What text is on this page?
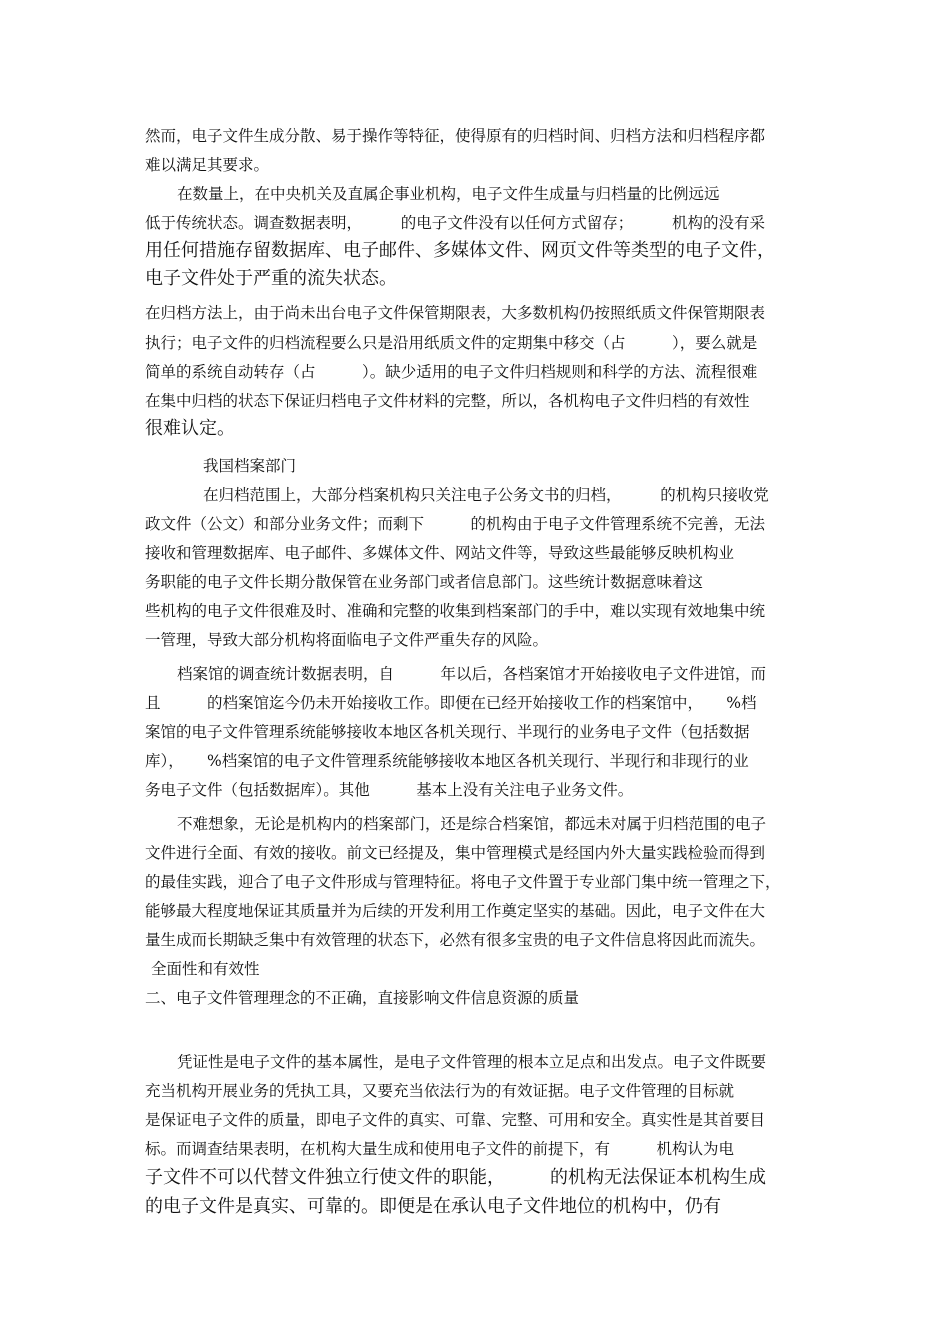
然而，电子文件生成分散、易于操作等特征，使得原有的归档时间、归档方法和归档程序都
难以满足其要求。
在数量上，在中央机关及直属企事业机构，电子文件生成量与归档量的比例远远
低于传统状态。调查数据表明，　　　的电子文件没有以任何方式留存；　　　机构的没有采
用任何措施存留数据库、电子邮件、多媒体文件、网页文件等类型的电子文件，
电子文件处于严重的流失状态。
在归档方法上，由于尚未出台电子文件保管期限表，大多数机构仍按照纸质文件保管期限表
执行；电子文件的归档流程要么只是沿用纸质文件的定期集中移交（占　　　），要么就是
简单的系统自动转存（占　　　）。缺少适用的电子文件归档规则和科学的方法、流程很难
在集中归档的状态下保证归档电子文件材料的完整，所以，各机构电子文件归档的有效性
很难认定。
我国档案部门
在归档范围上，大部分档案机构只关注电子公务文书的归档，　　　的机构只接收党
政文件（公文）和部分业务文件；而剩下　　　的机构由于电子文件管理系统不完善，无法
接收和管理数据库、电子邮件、多媒体文件、网站文件等，导致这些最能够反映机构业
务职能的电子文件长期分散保管在业务部门或者信息部门。这些统计数据意味着这
些机构的电子文件很难及时、准确和完整的收集到档案部门的手中，难以实现有效地集中统
一管理，导致大部分机构将面临电子文件严重失存的风险。
档案馆的调查统计数据表明，自　　　年以后，各档案馆才开始接收电子文件进馆，而
且　　　的档案馆迄今仍未开始接收工作。即便在已经开始接收工作的档案馆中，　　%档
案馆的电子文件管理系统能够接收本地区各机关现行、半现行的业务电子文件（包括数据
库），　　%档案馆的电子文件管理系统能够接收本地区各机关现行、半现行和非现行的业
务电子文件（包括数据库）。其他　　　基本上没有关注电子业务文件。
不难想象，无论是机构内的档案部门，还是综合档案馆，都远未对属于归档范围的电子
文件进行全面、有效的接收。前文已经提及，集中管理模式是经国内外大量实践检验而得到
的最佳实践，迎合了电子文件形成与管理特征。将电子文件置于专业部门集中统一管理之下，
能够最大程度地保证其质量并为后续的开发利用工作奠定坚实的基础。因此，电子文件在大
量生成而长期缺乏集中有效管理的状态下，必然有很多宝贵的电子文件信息将因此而流失。
全面性和有效性
二、电子文件管理理念的不正确，直接影响文件信息资源的质量
凭证性是电子文件的基本属性，是电子文件管理的根本立足点和出发点。电子文件既要
充当机构开展业务的凭执工具，又要充当依法行为的有效证据。电子文件管理的目标就
是保证电子文件的质量，即电子文件的真实、可靠、完整、可用和安全。真实性是其首要目
标。而调查结果表明，在机构大量生成和使用电子文件的前提下，有　　　机构认为电
子文件不可以代替文件独立行使文件的职能，　　　的机构无法保证本机构生成
的电子文件是真实、可靠的。即便是在承认电子文件地位的机构中，仍有
